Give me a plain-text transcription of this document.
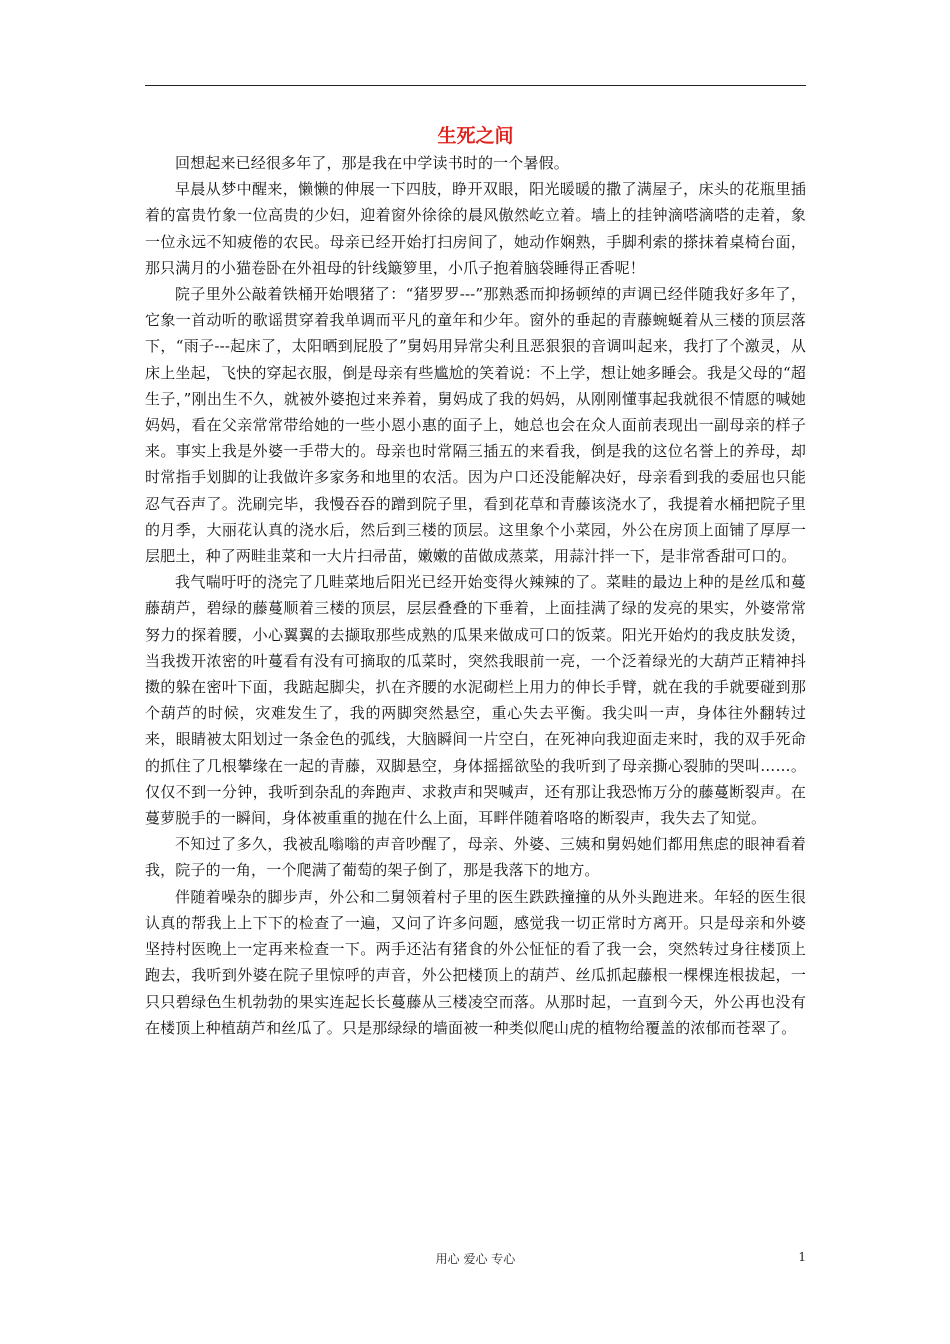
生死之间

回想起来已经很多年了，那是我在中学读书时的一个暑假。

早晨从梦中醒来，懒懒的伸展一下四肢，睁开双眼，阳光暖暖的撒了满屋子，床头的花瓶里插着的富贵竹象一位高贵的少妇，迎着窗外徐徐的晨风傲然屹立着。墙上的挂钟滴嗒滴嗒的走着，象一位永远不知疲倦的农民。母亲已经开始打扫房间了，她动作娴熟，手脚利索的搽抹着桌椅台面，那只满月的小猫卷卧在外祖母的针线簸箩里，小爪子抱着脑袋睡得正香呢！

院子里外公敲着铁桶开始喂猪了：“猪罗罗---”那熟悉而抑扬顿绰的声调已经伴随我好多年了，它象一首动听的歌谣贯穿着我单调而平凡的童年和少年。窗外的垂起的青藤蜿蜒着从三楼的顶层落下，“雨子---起床了，太阳晒到屁股了”舅妈用异常尖利且恶狠狠的音调叫起来，我打了个激灵，从床上坐起，飞快的穿起衣服，倒是母亲有些尴尬的笑着说：不上学，想让她多睡会。我是父母的“超生子，”刚出生不久，就被外婆抱过来养着，舅妈成了我的妈妈，从刚刚懂事起我就很不情愿的喊她妈妈，看在父亲常常带给她的一些小恩小惠的面子上，她总也会在众人面前表现出一副母亲的样子来。事实上我是外婆一手带大的。母亲也时常隔三插五的来看我，倒是我的这位名誉上的养母，却时常指手划脚的让我做许多家务和地里的农活。因为户口还没能解决好，母亲看到我的委屈也只能忍气吞声了。洗刷完毕，我慢吞吞的蹭到院子里，看到花草和青藤该浇水了，我提着水桶把院子里的月季，大丽花认真的浇水后，然后到三楼的顶层。这里象个小菜园，外公在房顶上面铺了厚厚一层肥土，种了两畦韭菜和一大片扫帚苗，嫩嫩的苗做成蒸菜，用蒜汁拌一下，是非常香甜可口的。

我气喘吁吁的浇完了几畦菜地后阳光已经开始变得火辣辣的了。菜畦的最边上种的是丝瓜和蔓藤葫芦，碧绿的藤蔓顺着三楼的顶层，层层叠叠的下垂着，上面挂满了绿的发亮的果实，外婆常常努力的探着腰，小心翼翼的去撷取那些成熟的瓜果来做成可口的饭菜。阳光开始灼的我皮肤发烫，当我拨开浓密的叶蔓看有没有可摘取的瓜菜时，突然我眼前一亮，一个泛着绿光的大葫芦正精神抖擞的躲在密叶下面，我踮起脚尖，扒在齐腰的水泥砌栏上用力的伸长手臂，就在我的手就要碰到那个葫芦的时候，灾难发生了，我的两脚突然悬空，重心失去平衡。我尖叫一声，身体往外翻转过来，眼睛被太阳划过一条金色的弧线，大脑瞬间一片空白，在死神向我迎面走来时，我的双手死命的抓住了几根攀缘在一起的青藤，双脚悬空，身体摇摇欲坠的我听到了母亲撕心裂肺的哭叫……。仅仅不到一分钟，我听到杂乱的奔跑声、求救声和哭喊声，还有那让我恐怖万分的藤蔓断裂声。在蔓萝脱手的一瞬间，身体被重重的抛在什么上面，耳畔伴随着咯咯的断裂声，我失去了知觉。

不知过了多久，我被乱嗡嗡的声音吵醒了，母亲、外婆、三姨和舅妈她们都用焦虑的眼神看着我，院子的一角，一个爬满了葡萄的架子倒了，那是我落下的地方。

伴随着噪杂的脚步声，外公和二舅领着村子里的医生跌跌撞撞的从外头跑进来。年轻的医生很认真的帮我上上下下的检查了一遍，又问了许多问题，感觉我一切正常时方离开。只是母亲和外婆坚持村医晚上一定再来检查一下。两手还沾有猪食的外公怔怔的看了我一会，突然转过身往楼顶上跑去，我听到外婆在院子里惊呼的声音，外公把楼顶上的葫芦、丝瓜抓起藤根一棵棵连根拔起，一只只碧绿色生机勃勃的果实连起长长蔓藤从三楼凌空而落。从那时起，一直到今天，外公再也没有在楼顶上种植葫芦和丝瓜了。只是那绿绿的墙面被一种类似爬山虎的植物给覆盖的浓郁而苍翠了。

用心 爱心 专心	1
